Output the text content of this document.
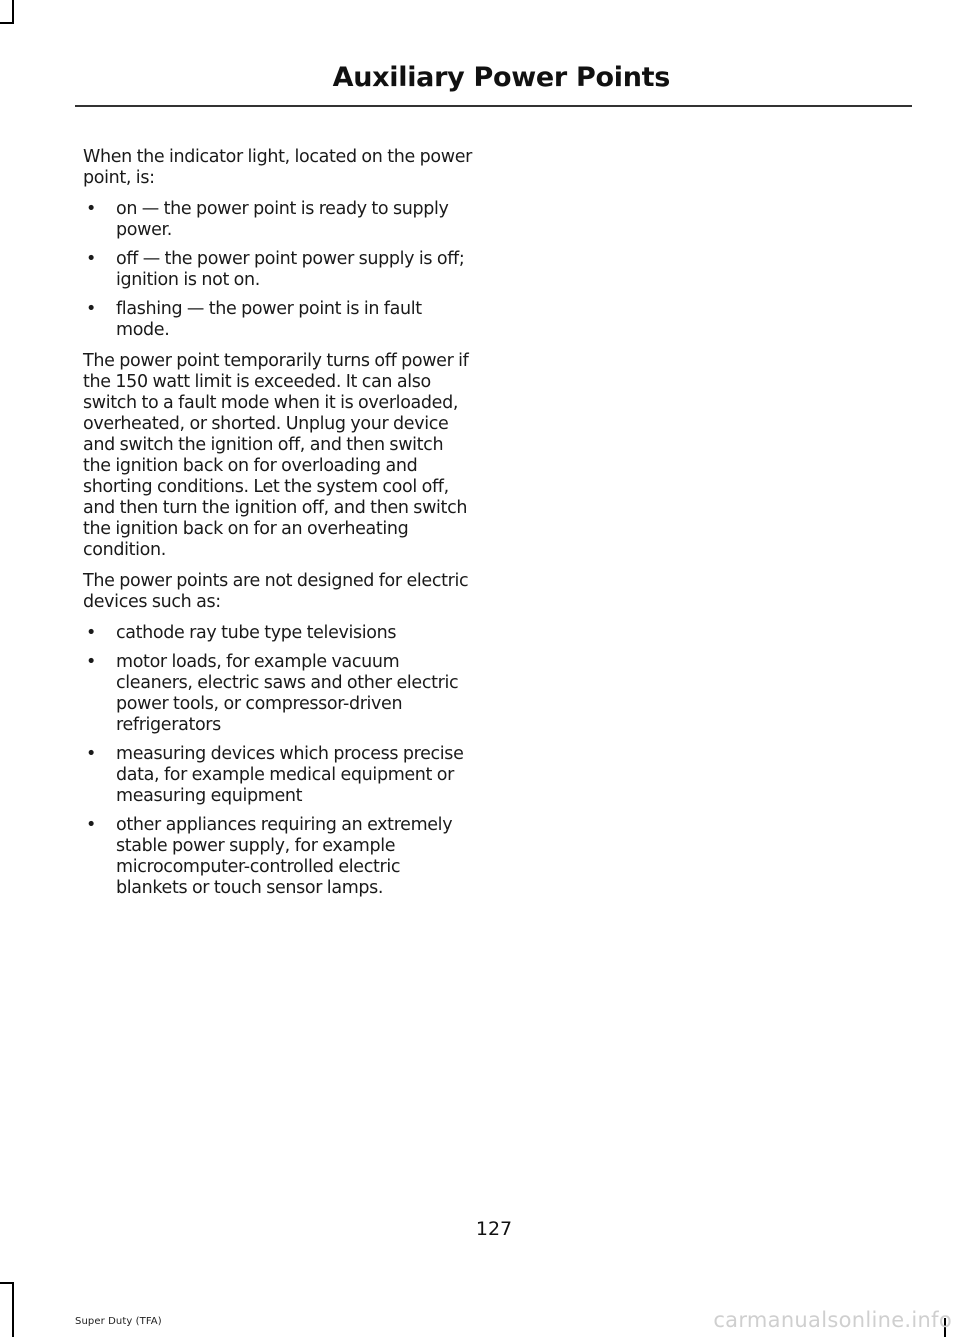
Auxiliary Power Points

When the indicator light, located on the power point, is:

• on — the power point is ready to supply power.
• off — the power point power supply is off; ignition is not on.
• flashing — the power point is in fault mode.

The power point temporarily turns off power if the 150 watt limit is exceeded. It can also switch to a fault mode when it is overloaded, overheated, or shorted. Unplug your device and switch the ignition off, and then switch the ignition back on for overloading and shorting conditions. Let the system cool off, and then turn the ignition off, and then switch the ignition back on for an overheating condition.

The power points are not designed for electric devices such as:

• cathode ray tube type televisions
• motor loads, for example vacuum cleaners, electric saws and other electric power tools, or compressor-driven refrigerators
• measuring devices which process precise data, for example medical equipment or measuring equipment
• other appliances requiring an extremely stable power supply, for example microcomputer-controlled electric blankets or touch sensor lamps.
127
Super Duty (TFA)	carmanualsonline.info
